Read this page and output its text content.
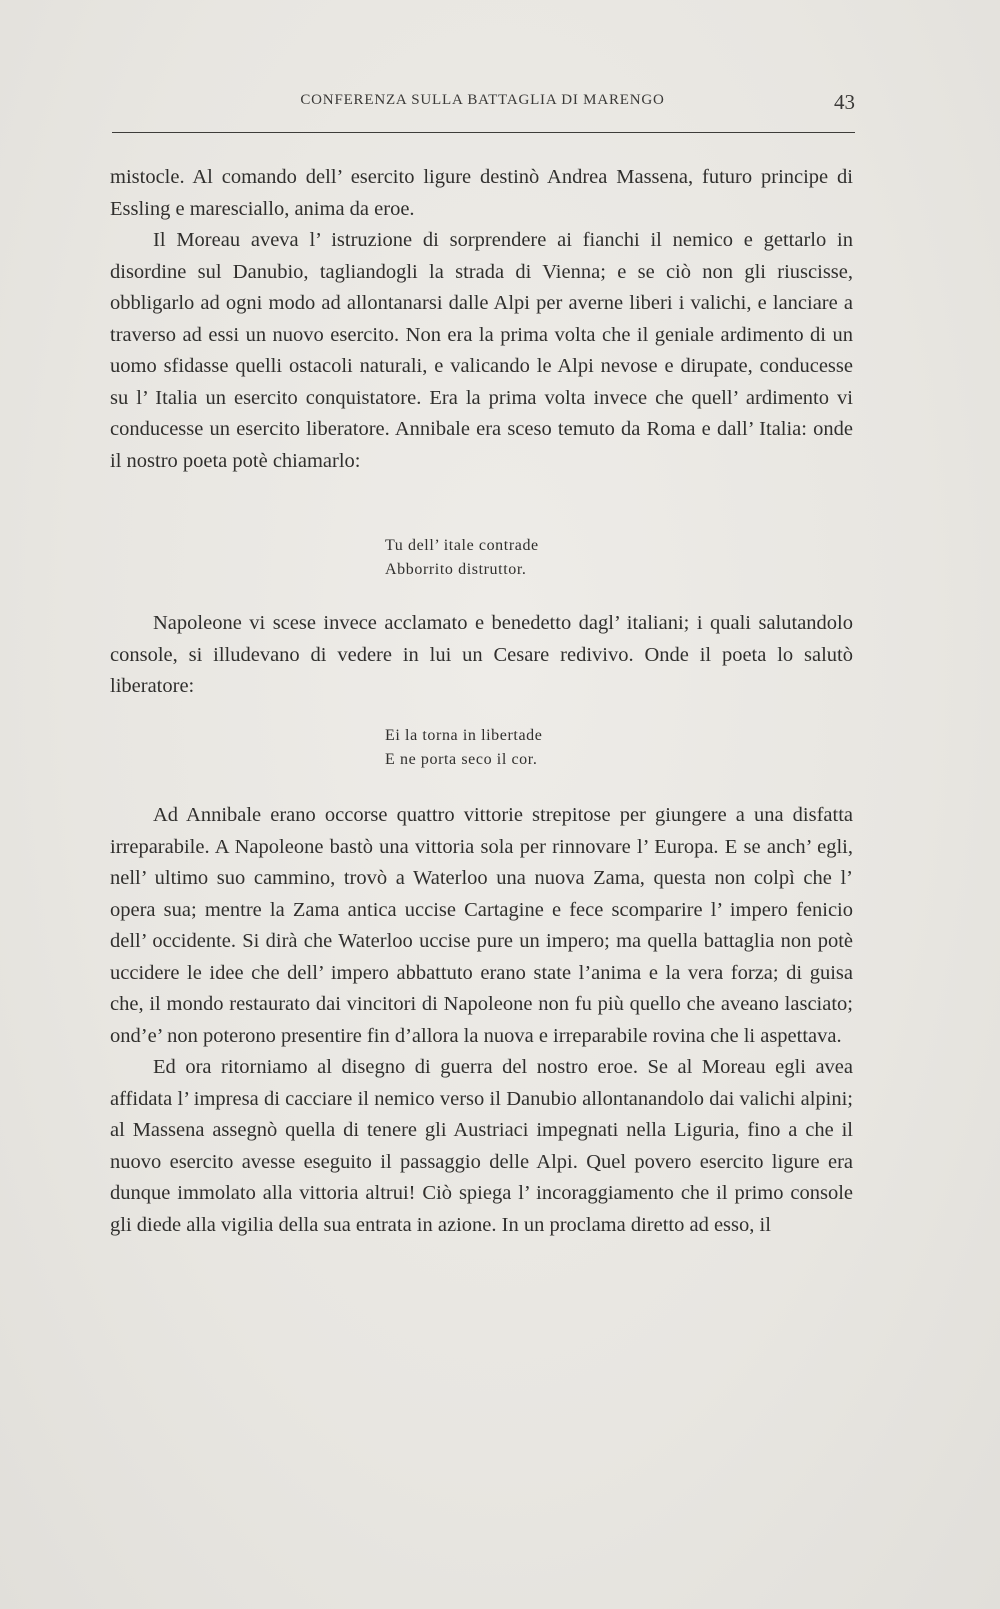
CONFERENZA SULLA BATTAGLIA DI MARENGO	43

mistocle. Al comando dell’ esercito ligure destinò Andrea Massena, futuro principe di Essling e maresciallo, anima da eroe.

Il Moreau aveva l’ istruzione di sorprendere ai fianchi il nemico e gettarlo in disordine sul Danubio, tagliandogli la strada di Vienna; e se ciò non gli riuscisse, obbligarlo ad ogni modo ad allontanarsi dalle Alpi per averne liberi i valichi, e lanciare a traverso ad essi un nuovo esercito. Non era la prima volta che il geniale ardimento di un uomo sfidasse quelli ostacoli naturali, e valicando le Alpi nevose e dirupate, conducesse su l’ Italia un esercito conquistatore. Era la prima volta invece che quell’ ardimento vi conducesse un esercito liberatore. Annibale era sceso temuto da Roma e dall’ Italia: onde il nostro poeta potè chiamarlo:

Tu dell’ itale contrade
Abborrito distruttor.

Napoleone vi scese invece acclamato e benedetto dagl’ italiani; i quali salutandolo console, si illudevano di vedere in lui un Cesare redivivo. Onde il poeta lo salutò liberatore:

Ei la torna in libertade
E ne porta seco il cor.

Ad Annibale erano occorse quattro vittorie strepitose per giungere a una disfatta irreparabile. A Napoleone bastò una vittoria sola per rinnovare l’ Europa. E se anch’ egli, nell’ ultimo suo cammino, trovò a Waterloo una nuova Zama, questa non colpì che l’ opera sua; mentre la Zama antica uccise Cartagine e fece scomparire l’ impero fenicio dell’ occidente. Si dirà che Waterloo uccise pure un impero; ma quella battaglia non potè uccidere le idee che dell’ impero abbattuto erano state l’anima e la vera forza; di guisa che, il mondo restaurato dai vincitori di Napoleone non fu più quello che aveano lasciato; ond’e’ non poterono presentire fin d’allora la nuova e irreparabile rovina che li aspettava.

Ed ora ritorniamo al disegno di guerra del nostro eroe. Se al Moreau egli avea affidata l’ impresa di cacciare il nemico verso il Danubio allontanandolo dai valichi alpini; al Massena assegnò quella di tenere gli Austriaci impegnati nella Liguria, fino a che il nuovo esercito avesse eseguito il passaggio delle Alpi. Quel povero esercito ligure era dunque immolato alla vittoria altrui! Ciò spiega l’ incoraggiamento che il primo console gli diede alla vigilia della sua entrata in azione. In un proclama diretto ad esso, il
